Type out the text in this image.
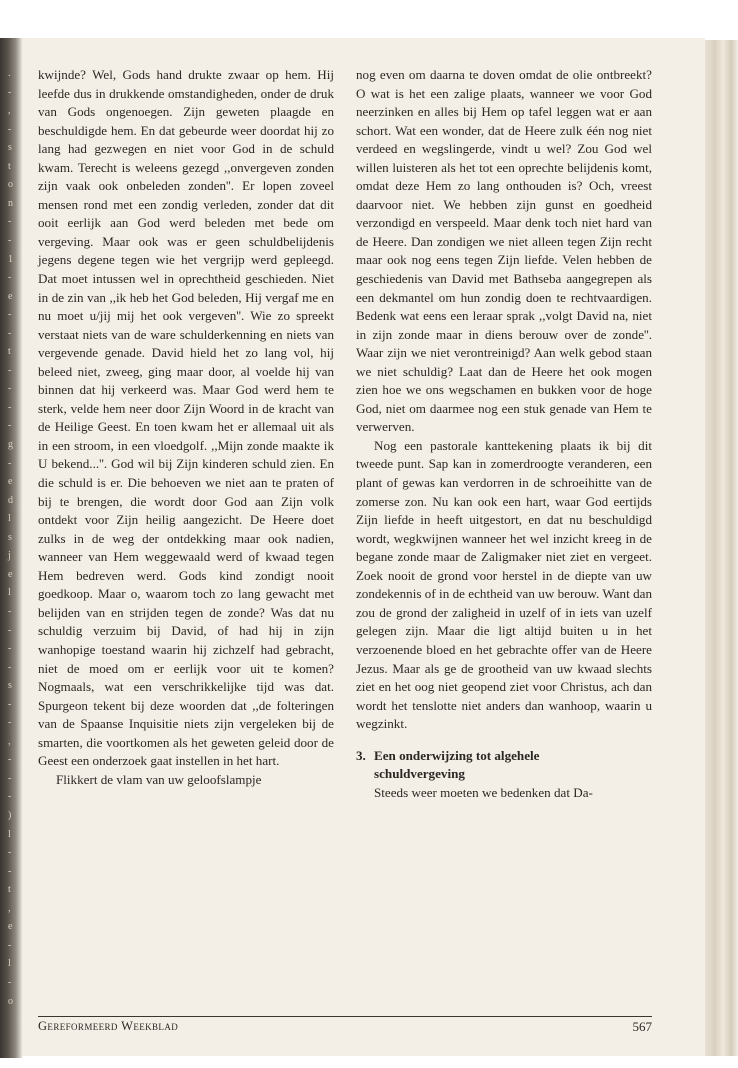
.
-
,
-
s
t
o
n
-
-
1
-
e
-
-
t
-
-
-
-
g
-
e
d
l
s
j
e
l
-
-
-
-
s
-
-
,
-
-
-
)
l
-
-
t
,
e
-
l
-
o

kwijnde? Wel, Gods hand drukte zwaar op hem. Hij leefde dus in drukkende omstandigheden, onder de druk van Gods ongenoegen. Zijn geweten plaagde en beschuldigde hem. En dat gebeurde weer doordat hij zo lang had gezwegen en niet voor God in de schuld kwam. Terecht is weleens gezegd ,,onvergeven zonden zijn vaak ook onbeleden zonden''. Er lopen zoveel mensen rond met een zondig verleden, zonder dat dit ooit eerlijk aan God werd beleden met bede om vergeving. Maar ook was er geen schuldbelijdenis jegens degene tegen wie het vergrijp werd gepleegd. Dat moet intussen wel in oprechtheid geschieden. Niet in de zin van ,,ik heb het God beleden, Hij vergaf me en nu moet u/jij mij het ook vergeven''. Wie zo spreekt verstaat niets van de ware schulderkenning en niets van vergevende genade. David hield het zo lang vol, hij beleed niet, zweeg, ging maar door, al voelde hij van binnen dat hij verkeerd was. Maar God werd hem te sterk, velde hem neer door Zijn Woord in de kracht van de Heilige Geest. En toen kwam het er allemaal uit als in een stroom, in een vloedgolf. ,,Mijn zonde maakte ik U bekend...''. God wil bij Zijn kinderen schuld zien. En die schuld is er. Die behoeven we niet aan te praten of bij te brengen, die wordt door God aan Zijn volk ontdekt voor Zijn heilig aangezicht. De Heere doet zulks in de weg der ontdekking maar ook nadien, wanneer van Hem weggewaald werd of kwaad tegen Hem bedreven werd. Gods kind zondigt nooit goedkoop. Maar o, waarom toch zo lang gewacht met belijden van en strijden tegen de zonde? Was dat nu schuldig verzuim bij David, of had hij in zijn wanhopige toestand waarin hij zichzelf had gebracht, niet de moed om er eerlijk voor uit te komen? Nogmaals, wat een verschrikkelijke tijd was dat. Spurgeon tekent bij deze woorden dat ,,de folteringen van de Spaanse Inquisitie niets zijn vergeleken bij de smarten, die voortkomen als het geweten geleid door de Geest een onderzoek gaat instellen in het hart.

Flikkert de vlam van uw geloofslampje

nog even om daarna te doven omdat de olie ontbreekt? O wat is het een zalige plaats, wanneer we voor God neerzinken en alles bij Hem op tafel leggen wat er aan schort. Wat een wonder, dat de Heere zulk één nog niet verdeed en wegslingerde, vindt u wel? Zou God wel willen luisteren als het tot een oprechte belijdenis komt, omdat deze Hem zo lang onthouden is? Och, vreest daarvoor niet. We hebben zijn gunst en goedheid verzondigd en verspeeld. Maar denk toch niet hard van de Heere. Dan zondigen we niet alleen tegen Zijn recht maar ook nog eens tegen Zijn liefde. Velen hebben de geschiedenis van David met Bathseba aangegrepen als een dekmantel om hun zondig doen te rechtvaardigen. Bedenk wat eens een leraar sprak ,,volgt David na, niet in zijn zonde maar in diens berouw over de zonde''. Waar zijn we niet verontreinigd? Aan welk gebod staan we niet schuldig? Laat dan de Heere het ook mogen zien hoe we ons wegschamen en bukken voor de hoge God, niet om daarmee nog een stuk genade van Hem te verwerven.

Nog een pastorale kanttekening plaats ik bij dit tweede punt. Sap kan in zomerdroogte veranderen, een plant of gewas kan verdorren in de schroeihitte van de zomerse zon. Nu kan ook een hart, waar God eertijds Zijn liefde in heeft uitgestort, en dat nu beschuldigd wordt, wegkwijnen wanneer het wel inzicht kreeg in de begane zonde maar de Zaligmaker niet ziet en vergeet. Zoek nooit de grond voor herstel in de diepte van uw zondekennis of in de echtheid van uw berouw. Want dan zou de grond der zaligheid in uzelf of in iets van uzelf gelegen zijn. Maar die ligt altijd buiten u in het verzoenende bloed en het gebrachte offer van de Heere Jezus. Maar als ge de grootheid van uw kwaad slechts ziet en het oog niet geopend ziet voor Christus, ach dan wordt het tenslotte niet anders dan wanhoop, waarin u wegzinkt.

3. Een onderwijzing tot algehele
schuldvergeving

Steeds weer moeten we bedenken dat Da-

Gereformeerd Weekblad	567
